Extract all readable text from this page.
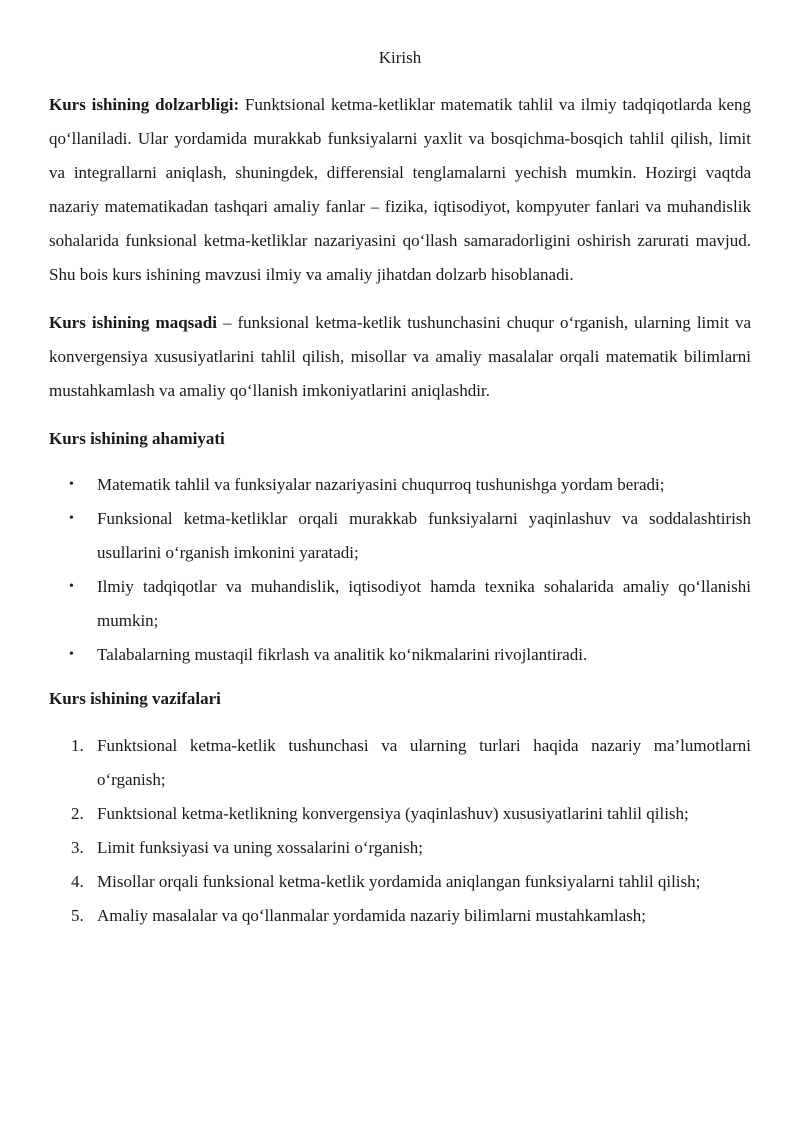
Kirish

Kurs ishining dolzarbligi: Funktsional ketma-ketliklar matematik tahlil va ilmiy tadqiqotlarda keng qo‘llaniladi. Ular yordamida murakkab funksiyalarni yaxlit va bosqichma-bosqich tahlil qilish, limit va integrallarni aniqlash, shuningdek, differensial tenglamalarni yechish mumkin. Hozirgi vaqtda nazariy matematikadan tashqari amaliy fanlar – fizika, iqtisodiyot, kompyuter fanlari va muhandislik sohalarida funksional ketma-ketliklar nazariyasini qo‘llash samaradorligini oshirish zarurati mavjud. Shu bois kurs ishining mavzusi ilmiy va amaliy jihatdan dolzarb hisoblanadi.

Kurs ishining maqsadi – funksional ketma-ketlik tushunchasini chuqur o‘rganish, ularning limit va konvergensiya xususiyatlarini tahlil qilish, misollar va amaliy masalalar orqali matematik bilimlarni mustahkamlash va amaliy qo‘llanish imkoniyatlarini aniqlashdir.

Kurs ishining ahamiyati

• Matematik tahlil va funksiyalar nazariyasini chuqurroq tushunishga yordam beradi;
• Funksional ketma-ketliklar orqali murakkab funksiyalarni yaqinlashuv va soddalashtirish usullarini o‘rganish imkonini yaratadi;
• Ilmiy tadqiqotlar va muhandislik, iqtisodiyot hamda texnika sohalarida amaliy qo‘llanishi mumkin;
• Talabalarning mustaqil fikrlash va analitik ko‘nikmalarini rivojlantiradi.

Kurs ishining vazifalari

1. Funktsional ketma-ketlik tushunchasi va ularning turlari haqida nazariy ma’lumotlarni o‘rganish;
2. Funktsional ketma-ketlikning konvergensiya (yaqinlashuv) xususiyatlarini tahlil qilish;
3. Limit funksiyasi va uning xossalarini o‘rganish;
4. Misollar orqali funksional ketma-ketlik yordamida aniqlangan funksiyalarni tahlil qilish;
5. Amaliy masalalar va qo‘llanmalar yordamida nazariy bilimlarni mustahkamlash;
